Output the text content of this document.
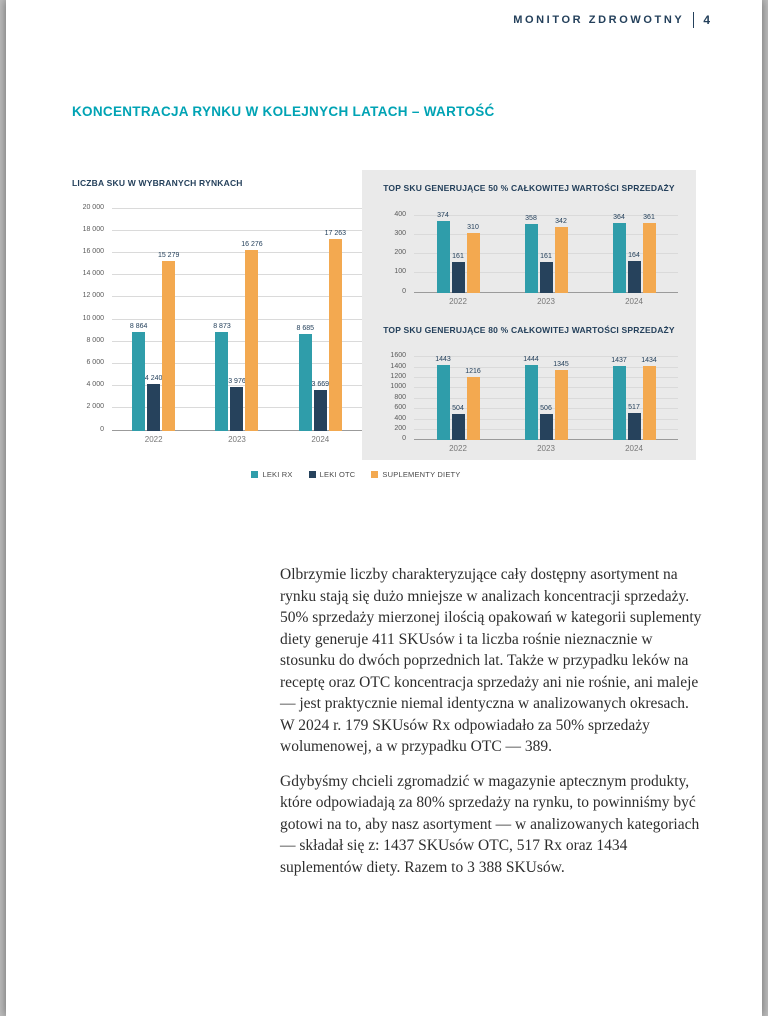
MONITOR ZDROWOTNY 4
KONCENTRACJA RYNKU W KOLEJNYCH LATACH – WARTOŚĆ
LICZBA SKU W WYBRANYCH RYNKACH
0
2 000
4 000
6 000
8 000
10 000
12 000
14 000
16 000
18 000
20 000
8 864
4 240
15 279
2022
8 873
3 976
16 276
2023
8 685
3 669
17 263
2024
TOP SKU GENERUJĄCE 50 % CAŁKOWITEJ WARTOŚCI SPRZEDAŻY
0
100
200
300
400	374
161
310
2022
358
161
342
2023
364
164
361
2024
TOP SKU GENERUJĄCE 80 % CAŁKOWITEJ WARTOŚCI SPRZEDAŻY
0
200
400
600
800
1000
1200
1400
1600
1443
504
1216
2022
1444
506
1345
2023
1437
517
1434
2024
LEKI RX	LEKI OTC	SUPLEMENTY DIETY

Olbrzymie liczby charakteryzujące cały dostępny asortyment na rynku stają się dużo mniejsze w analizach koncentracji sprzedaży. 50% sprzedaży mierzonej ilością opakowań w kategorii suplementy diety generuje 411 SKUsów i ta liczba rośnie nieznacznie w stosunku do dwóch poprzednich lat. Także w przypadku leków na receptę oraz OTC koncentracja sprzedaży ani nie rośnie, ani maleje — jest praktycznie niemal identyczna w analizowanych okresach. W 2024 r. 179 SKUsów Rx odpowiadało za 50% sprzedaży wolumenowej, a w przypadku OTC — 389.

Gdybyśmy chcieli zgromadzić w magazynie aptecznym produkty, które odpowiadają za 80% sprzedaży na rynku, to powinniśmy być gotowi na to, aby nasz asortyment — w analizowanych kategoriach — składał się z: 1437 SKUsów OTC, 517 Rx oraz 1434 suplementów diety. Razem to 3 388 SKUsów.
